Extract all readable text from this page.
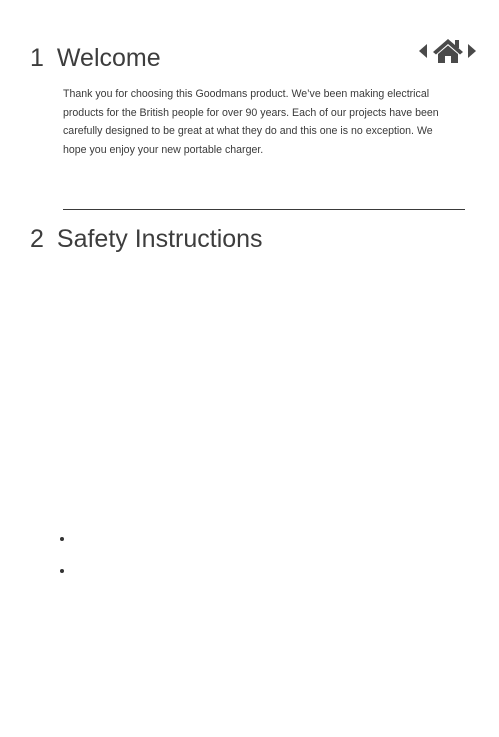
1 Welcome

Thank you for choosing this Goodmans product. We’ve been making electrical products for the British people for over 90 years. Each of our projects have been carefully designed to be great at what they do and this one is no exception. We hope you enjoy your new portable charger.

2 Safety Instructions
